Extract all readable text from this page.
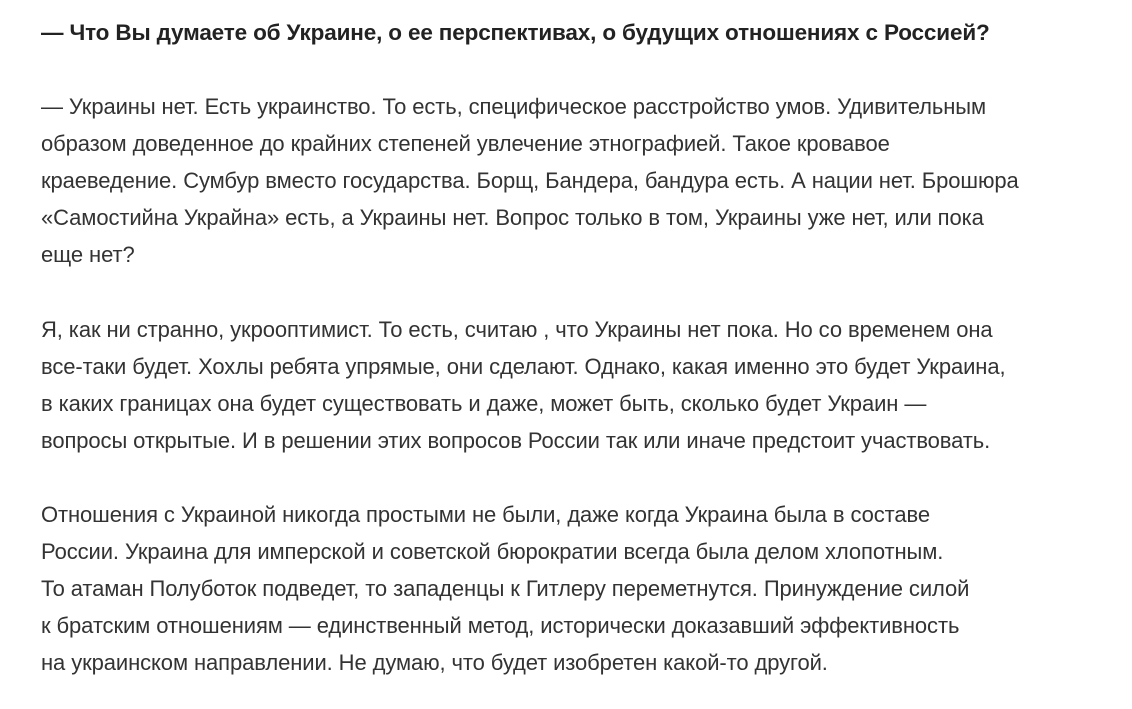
— Что Вы думаете об Украине, о ее перспективах, о будущих отношениях с Россией?
— Украины нет. Есть украинство. То есть, специфическое расстройство умов. Удивительным
образом доведенное до крайних степеней увлечение этнографией. Такое кровавое
краеведение. Сумбур вместо государства. Борщ, Бандера, бандура есть. А нации нет. Брошюра
«Самостийна Украйна» есть, а Украины нет. Вопрос только в том, Украины уже нет, или пока
еще нет?
Я, как ни странно, укрооптимист. То есть, считаю , что Украины нет пока. Но со временем она
все-таки будет. Хохлы ребята упрямые, они сделают. Однако, какая именно это будет Украина,
в каких границах она будет существовать и даже, может быть, сколько будет Украин —
вопросы открытые. И в решении этих вопросов России так или иначе предстоит участвовать.
Отношения с Украиной никогда простыми не были, даже когда Украина была в составе
России. Украина для имперской и советской бюрократии всегда была делом хлопотным.
То атаман Полуботок подведет, то западенцы к Гитлеру переметнутся. Принуждение силой
к братским отношениям — единственный метод, исторически доказавший эффективность
на украинском направлении. Не думаю, что будет изобретен какой-то другой.
